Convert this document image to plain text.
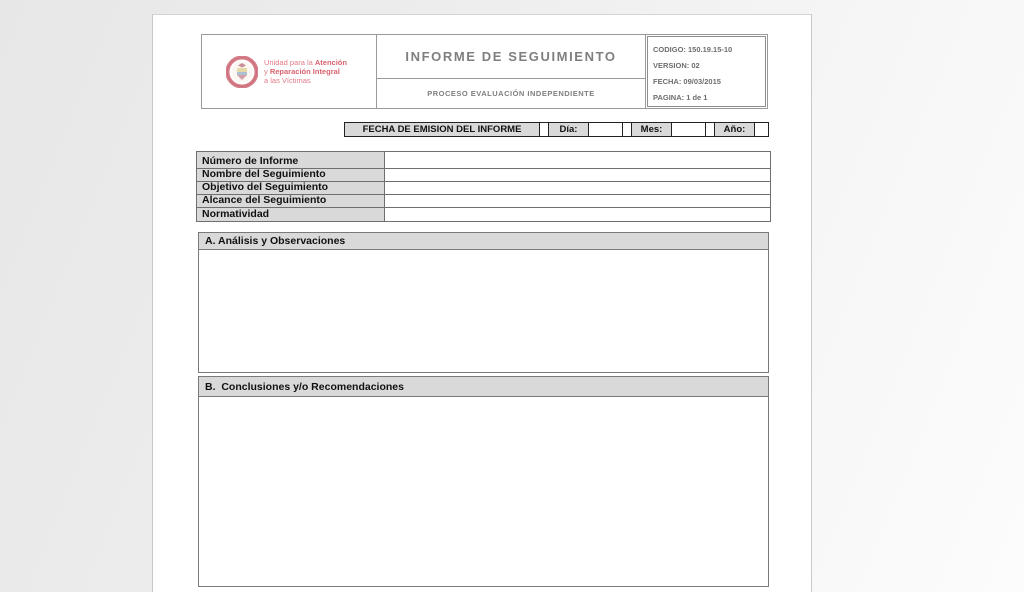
Unidad para la Atención
y Reparación Integral
a las Víctimas
INFORME DE SEGUIMIENTO
PROCESO EVALUACIÓN INDEPENDIENTE
CODIGO: 150.19.15-10
VERSION: 02
FECHA: 09/03/2015
PAGINA: 1 de 1
FECHA DE EMISION DEL INFORME	Día:	Mes:	Año:
Número de Informe
Nombre del Seguimiento
Objetivo del Seguimiento
Alcance del Seguimiento
Normatividad
A. Análisis y Observaciones
B.  Conclusiones y/o Recomendaciones
